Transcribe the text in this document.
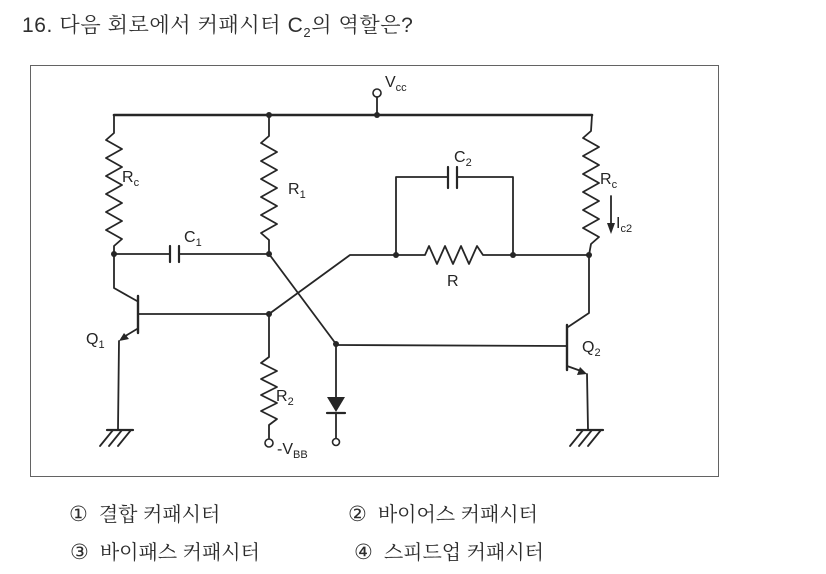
16. 다음 회로에서 커패시터 $C_2$의 역할은?
$V_{cc}$
$R_c$	$R_1$
$C_1$
R
$C_2$
$R_c$
$I_{c2}$
$Q_1$
$R_2$
$-V_{BB}$
$Q_2$
① 결합 커패시터	② 바이어스 커패시터
③ 바이패스 커패시터	④ 스피드업 커패시터
